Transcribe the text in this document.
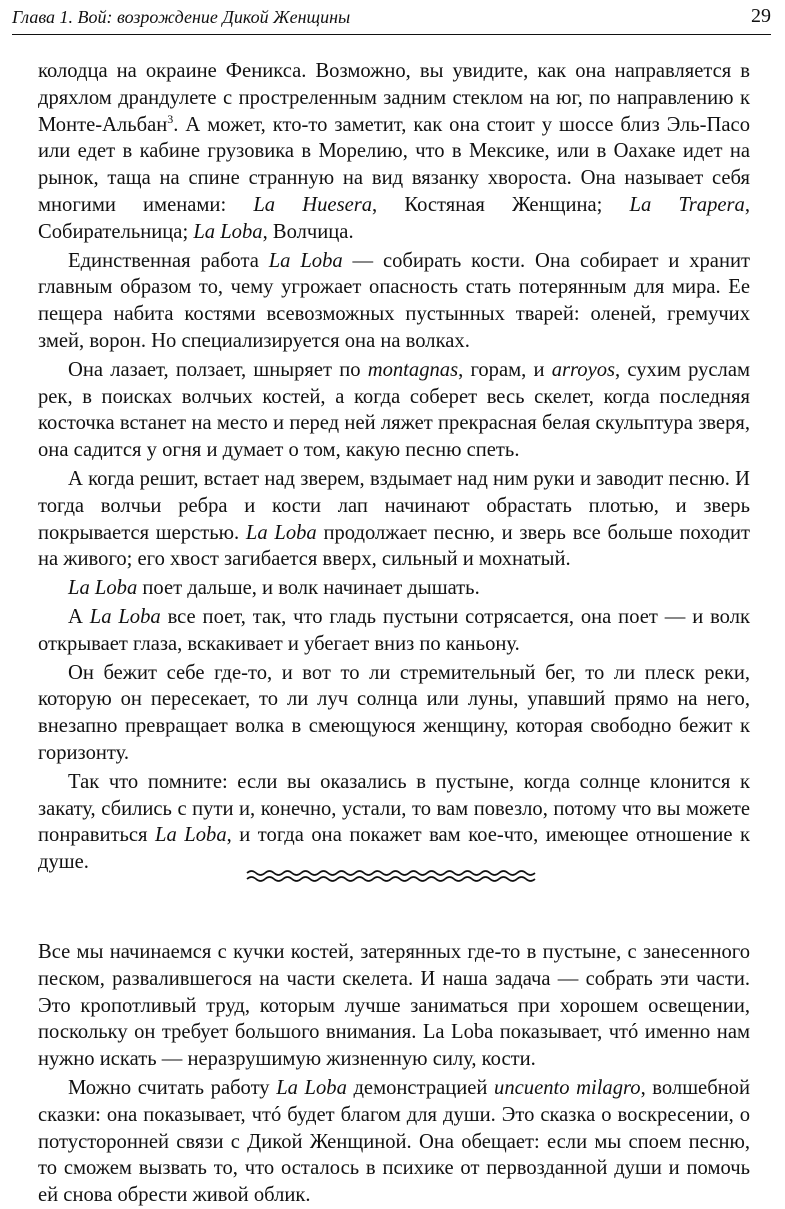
Глава 1. Вой: возрождение Дикой Женщины	29

колодца на окраине Феникса. Возможно, вы увидите, как она направляется в дряхлом драндулете с простреленным задним стеклом на юг, по направлению к Монте-Альбан$^3$. А может, кто-то заметит, как она стоит у шоссе близ Эль-Пасо или едет в кабине грузовика в Морелию, что в Мексике, или в Оахаке идет на рынок, таща на спине странную на вид вязанку хвороста. Она называет себя многими именами: La Huesera, Костяная Женщина; La Trapera, Собирательница; La Loba, Волчица.

Единственная работа La Loba — собирать кости. Она собирает и хранит главным образом то, чему угрожает опасность стать потерянным для мира. Ее пещера набита костями всевозможных пустынных тварей: оленей, гремучих змей, ворон. Но специализируется она на волках.

Она лазает, ползает, шныряет по montagnas, горам, и arroyos, сухим руслам рек, в поисках волчьих костей, а когда соберет весь скелет, когда последняя косточка встанет на место и перед ней ляжет прекрасная белая скульптура зверя, она садится у огня и думает о том, какую песню спеть.

А когда решит, встает над зверем, вздымает над ним руки и заводит песню. И тогда волчьи ребра и кости лап начинают обрастать плотью, и зверь покрывается шерстью. La Loba продолжает песню, и зверь все больше походит на живого; его хвост загибается вверх, сильный и мохнатый.

La Loba поет дальше, и волк начинает дышать.

А La Loba все поет, так, что гладь пустыни сотрясается, она поет — и волк открывает глаза, вскакивает и убегает вниз по каньону.

Он бежит себе где-то, и вот то ли стремительный бег, то ли плеск реки, которую он пересекает, то ли луч солнца или луны, упавший прямо на него, внезапно превращает волка в смеющуюся женщину, которая свободно бежит к горизонту.

Так что помните: если вы оказались в пустыне, когда солнце клонится к закату, сбились с пути и, конечно, устали, то вам повезло, потому что вы можете понравиться La Loba, и тогда она покажет вам кое-что, имеющее отношение к душе.

Все мы начинаемся с кучки костей, затерянных где-то в пустыне, с занесенного песком, развалившегося на части скелета. И наша задача — собрать эти части. Это кропотливый труд, которым лучше заниматься при хорошем освещении, поскольку он требует большого внимания. La Loba показывает, чтó именно нам нужно искать — неразрушимую жизненную силу, кости.

Можно считать работу La Loba демонстрацией uncuento milagro, волшебной сказки: она показывает, чтó будет благом для души. Это сказка о воскресении, о потусторонней связи с Дикой Женщиной. Она обещает: если мы споем песню, то сможем вызвать то, что осталось в психике от первозданной души и помочь ей снова обрести живой облик.
